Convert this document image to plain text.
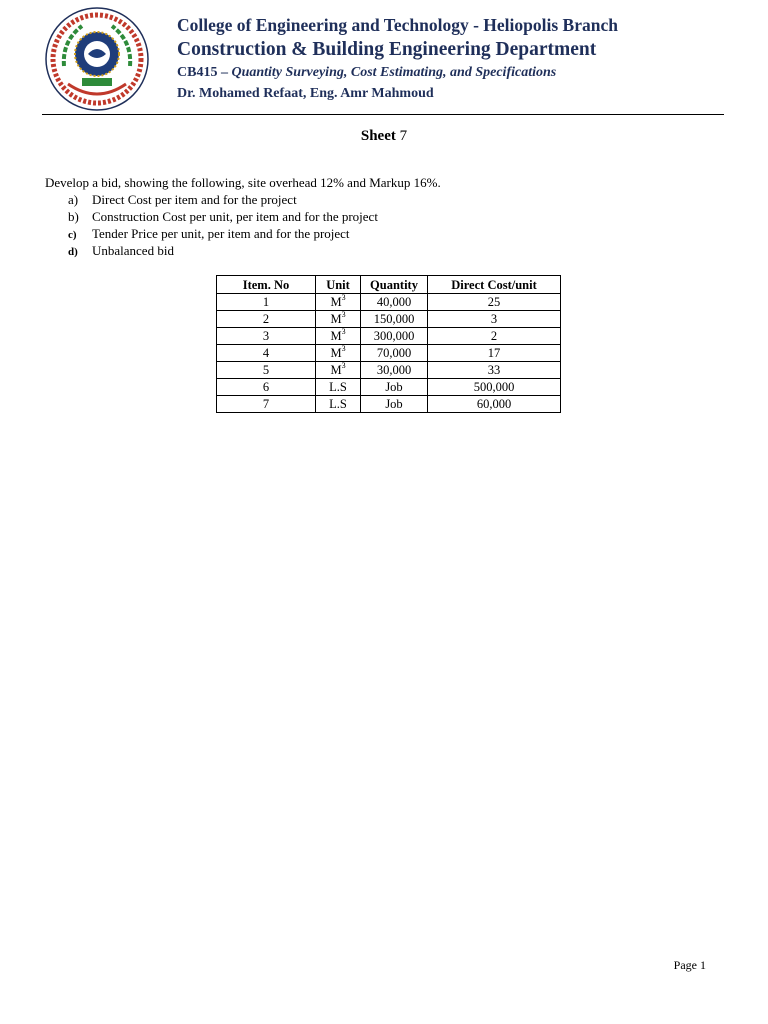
College of Engineering and Technology - Heliopolis Branch
Construction & Building Engineering Department
CB415 – Quantity Surveying, Cost Estimating, and Specifications
Dr. Mohamed Refaat, Eng. Amr Mahmoud
Sheet 7
Develop a bid, showing the following, site overhead 12% and Markup 16%.
a) Direct Cost per item and for the project
b) Construction Cost per unit, per item and for the project
c) Tender Price per unit, per item and for the project
d) Unbalanced bid
Item. No	Unit	Quantity	Direct Cost/unit
1	$M^3$	40,000	25
2	$M^3$	150,000	3
3	$M^3$	300,000	2
4	$M^3$	70,000	17
5	$M^3$	30,000	33
6	L.S	Job	500,000
7	L.S	Job	60,000
Page 1
